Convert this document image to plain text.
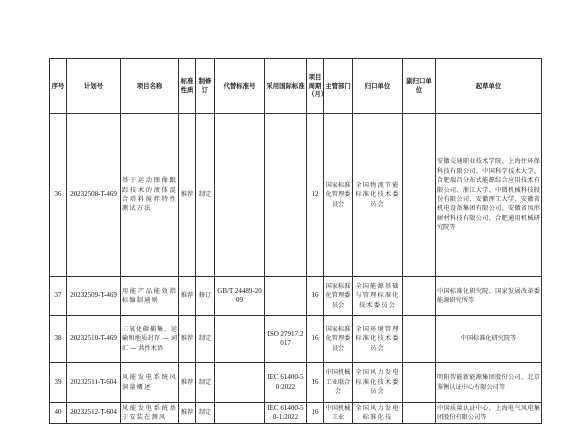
序号	计划号	项目名称	标准性质	制修订	代替标准号	采用国际标准	项目周期（月）	主管部门	归口单位	副归口单位	起草单位
36	20232508-T-469	基于运动图像跟踪技术的液体混合塔料搅拌特性测试方法	推荐	制定			12	国家标准化管理委员会	全国物流节能标准化技术委员会		安徽交通职业技术学院、上海住环保科技有限公司、中国科学技术大学、合肥瑞昌分布式能源综合应用技术有限公司、浙江大学、中微机械科技股份有限公司、安徽理工大学、安徽省机电设备集团有限公司、安徽省凤形耐材科技有限公司、合肥通用机械研究院等
37	20232509-T-469	用能产品能效指标编制通则	推荐	修订	GB/T 24489-2009		16	国家标准化管理委员会	全国能源基础与管理标准化技术委员会		中国标准化研究院、国家发展改革委能源研究所等
38	20232510-T-469	二氧化碳捕集、运输和地质封存 — 词汇 — 共性术语	推荐	制定		ISO 27917:2017	16	国家标准化管理委员会	全国环境管理标准化技术委员会		中国标准化研究院等
39	20232511-T-604	风能发电系统风洞量概述	推荐	制定		IEC 61400-50:2022	16	中国机械工业联合会	全国风力发电标准化技术委员会		明阳智能新能源集团股份公司、北京鉴衡认证中心有限公司等
40	20232512-T-604	风能发电系统基于安装在测风	推荐	制定		IEC 61400-50-1:2022	16	中国机械工业	全国风力发电标准化技		中国质量认证中心、上海电气风电集团股份有限公司等
